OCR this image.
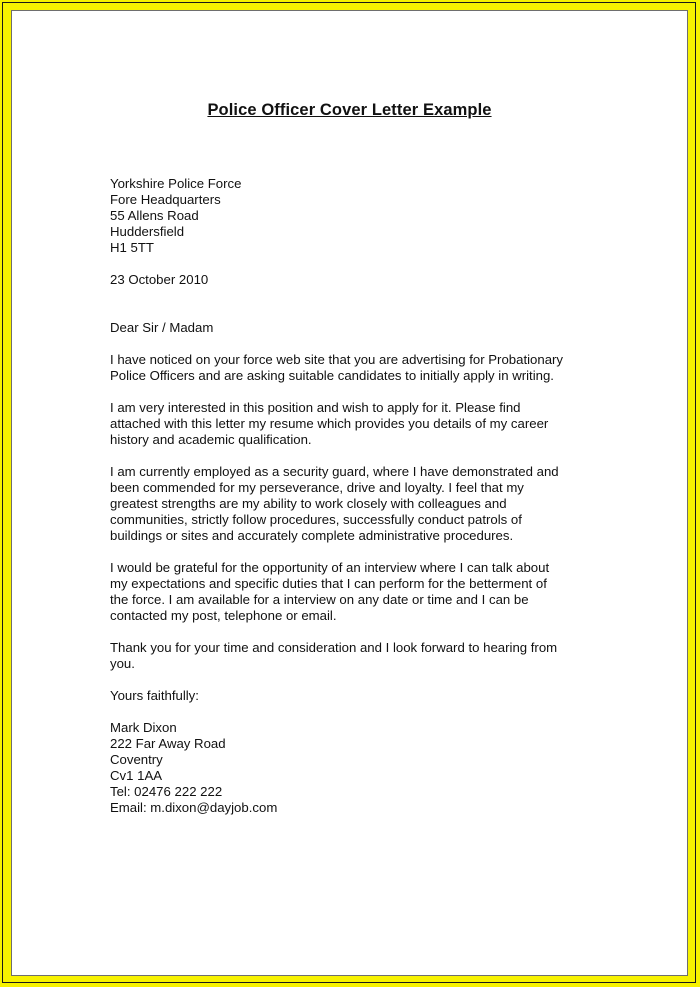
Police Officer Cover Letter Example
Yorkshire Police Force
Fore Headquarters
55 Allens Road
Huddersfield
H1 5TT
23 October 2010
Dear Sir / Madam
I have noticed on your force web site that you are advertising for Probationary
Police Officers and are asking suitable candidates to initially apply in writing.
I am very interested in this position and wish to apply for it. Please find
attached with this letter my resume which provides you details of my career
history and academic qualification.
I am currently employed as a security guard, where I have demonstrated and
been commended for my perseverance, drive and loyalty. I feel that my
greatest strengths are my ability to work closely with colleagues and
communities, strictly follow procedures, successfully conduct patrols of
buildings or sites and accurately complete administrative procedures.
I would be grateful for the opportunity of an interview where I can talk about
my expectations and specific duties that I can perform for the betterment of
the force. I am available for a interview on any date or time and I can be
contacted my post, telephone or email.
Thank you for your time and consideration and I look forward to hearing from
you.
Yours faithfully:
Mark Dixon
222 Far Away Road
Coventry
Cv1 1AA
Tel: 02476 222 222
Email: m.dixon@dayjob.com
